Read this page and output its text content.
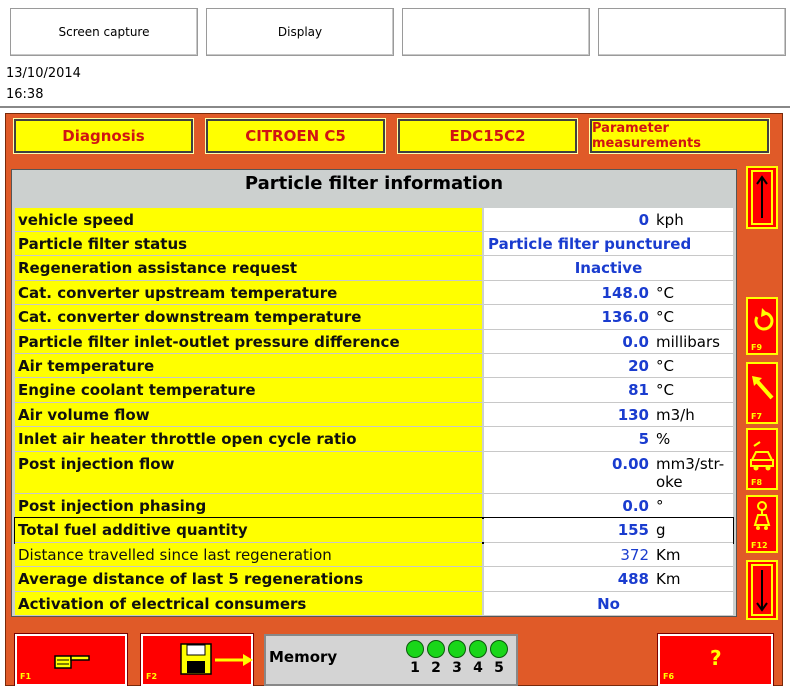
Screen capture	Display
13/10/2014
16:38
Diagnosis	CITROEN C5	EDC15C2	Parameter measurements
Particle filter information
vehicle speed	0 kph
Particle filter status	Particle filter punctured
Regeneration assistance request	Inactive
Cat. converter upstream temperature	148.0 °C
Cat. converter downstream temperature	136.0 °C
Particle filter inlet-outlet pressure difference	0.0 millibars
Air temperature	20 °C
Engine coolant temperature	81 °C
Air volume flow	130 m3/h
Inlet air heater throttle open cycle ratio	5 %
Post injection flow	0.00 mm3/str-oke
Post injection phasing	0.0 °
Total fuel additive quantity	155 g
Distance travelled since last regeneration	372 Km
Average distance of last 5 regenerations	488 Km
Activation of electrical consumers	No
F9
F7
F8
F12
F1	F2
Memory
1 2 3 4 5	?
F6
